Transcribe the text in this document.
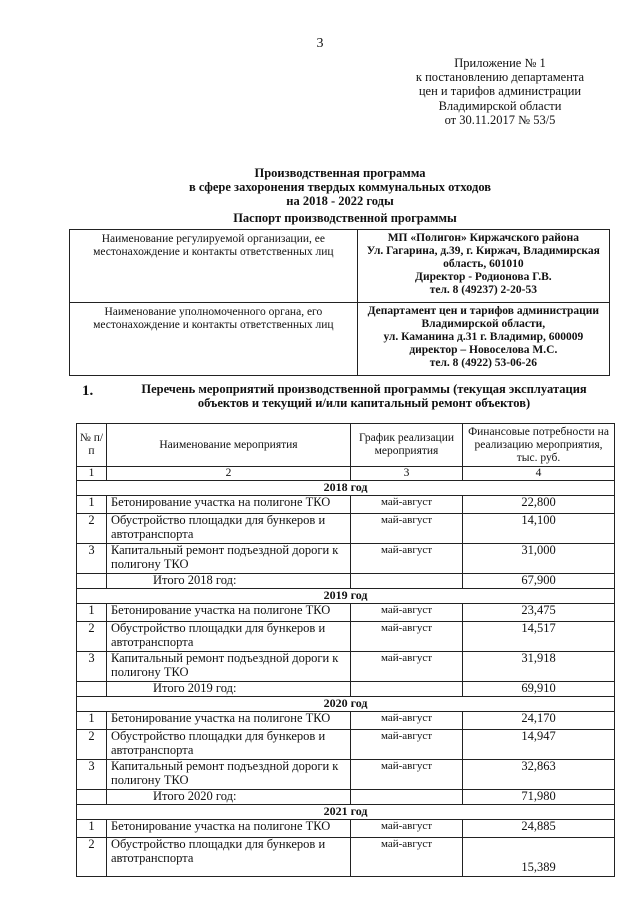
3
Приложение № 1
к постановлению департамента
цен и тарифов администрации
Владимирской области
от 30.11.2017 № 53/5
Производственная программа
в сфере захоронения твердых коммунальных отходов
на 2018 - 2022 годы
Паспорт производственной программы
Наименование регулируемой организации, ее местонахождение и контакты ответственных лиц	МП «Полигон» Киржачского района
Ул. Гагарина, д.39, г. Киржач, Владимирская область, 601010
Директор - Родионова Г.В.
тел. 8 (49237) 2-20-53

Наименование уполномоченного органа, его местонахождение и контакты ответственных лиц	Департамент цен и тарифов администрации Владимирской области,
ул. Каманина д.31 г. Владимир, 600009
директор – Новоселова М.С.
тел. 8 (4922) 53-06-26
1.	Перечень мероприятий производственной программы (текущая эксплуатация объектов и текущий и/или капитальный ремонт объектов)
№ п/п	Наименование мероприятия	График реализации мероприятия	Финансовые потребности на реализацию мероприятия, тыс. руб.
1	2	3	4
2018 год			
1	Бетонирование участка на полигоне ТКО	май-август	22,800
2	Обустройство площадки для бункеров и автотранспорта	май-август	14,100
3	Капитальный ремонт подъездной дороги к полигону ТКО	май-август	31,000
	Итого 2018 год:		67,900
2019 год			
1	Бетонирование участка на полигоне ТКО	май-август	23,475
2	Обустройство площадки для бункеров и автотранспорта	май-август	14,517
3	Капитальный ремонт подъездной дороги к полигону ТКО	май-август	31,918
	Итого 2019 год:		69,910
2020 год			
1	Бетонирование участка на полигоне ТКО	май-август	24,170
2	Обустройство площадки для бункеров и автотранспорта	май-август	14,947
3	Капитальный ремонт подъездной дороги к полигону ТКО	май-август	32,863
	Итого 2020 год:		71,980
2021 год			
1	Бетонирование участка на полигоне ТКО	май-август	24,885
2	Обустройство площадки для бункеров и автотранспорта	май-август	15,389
